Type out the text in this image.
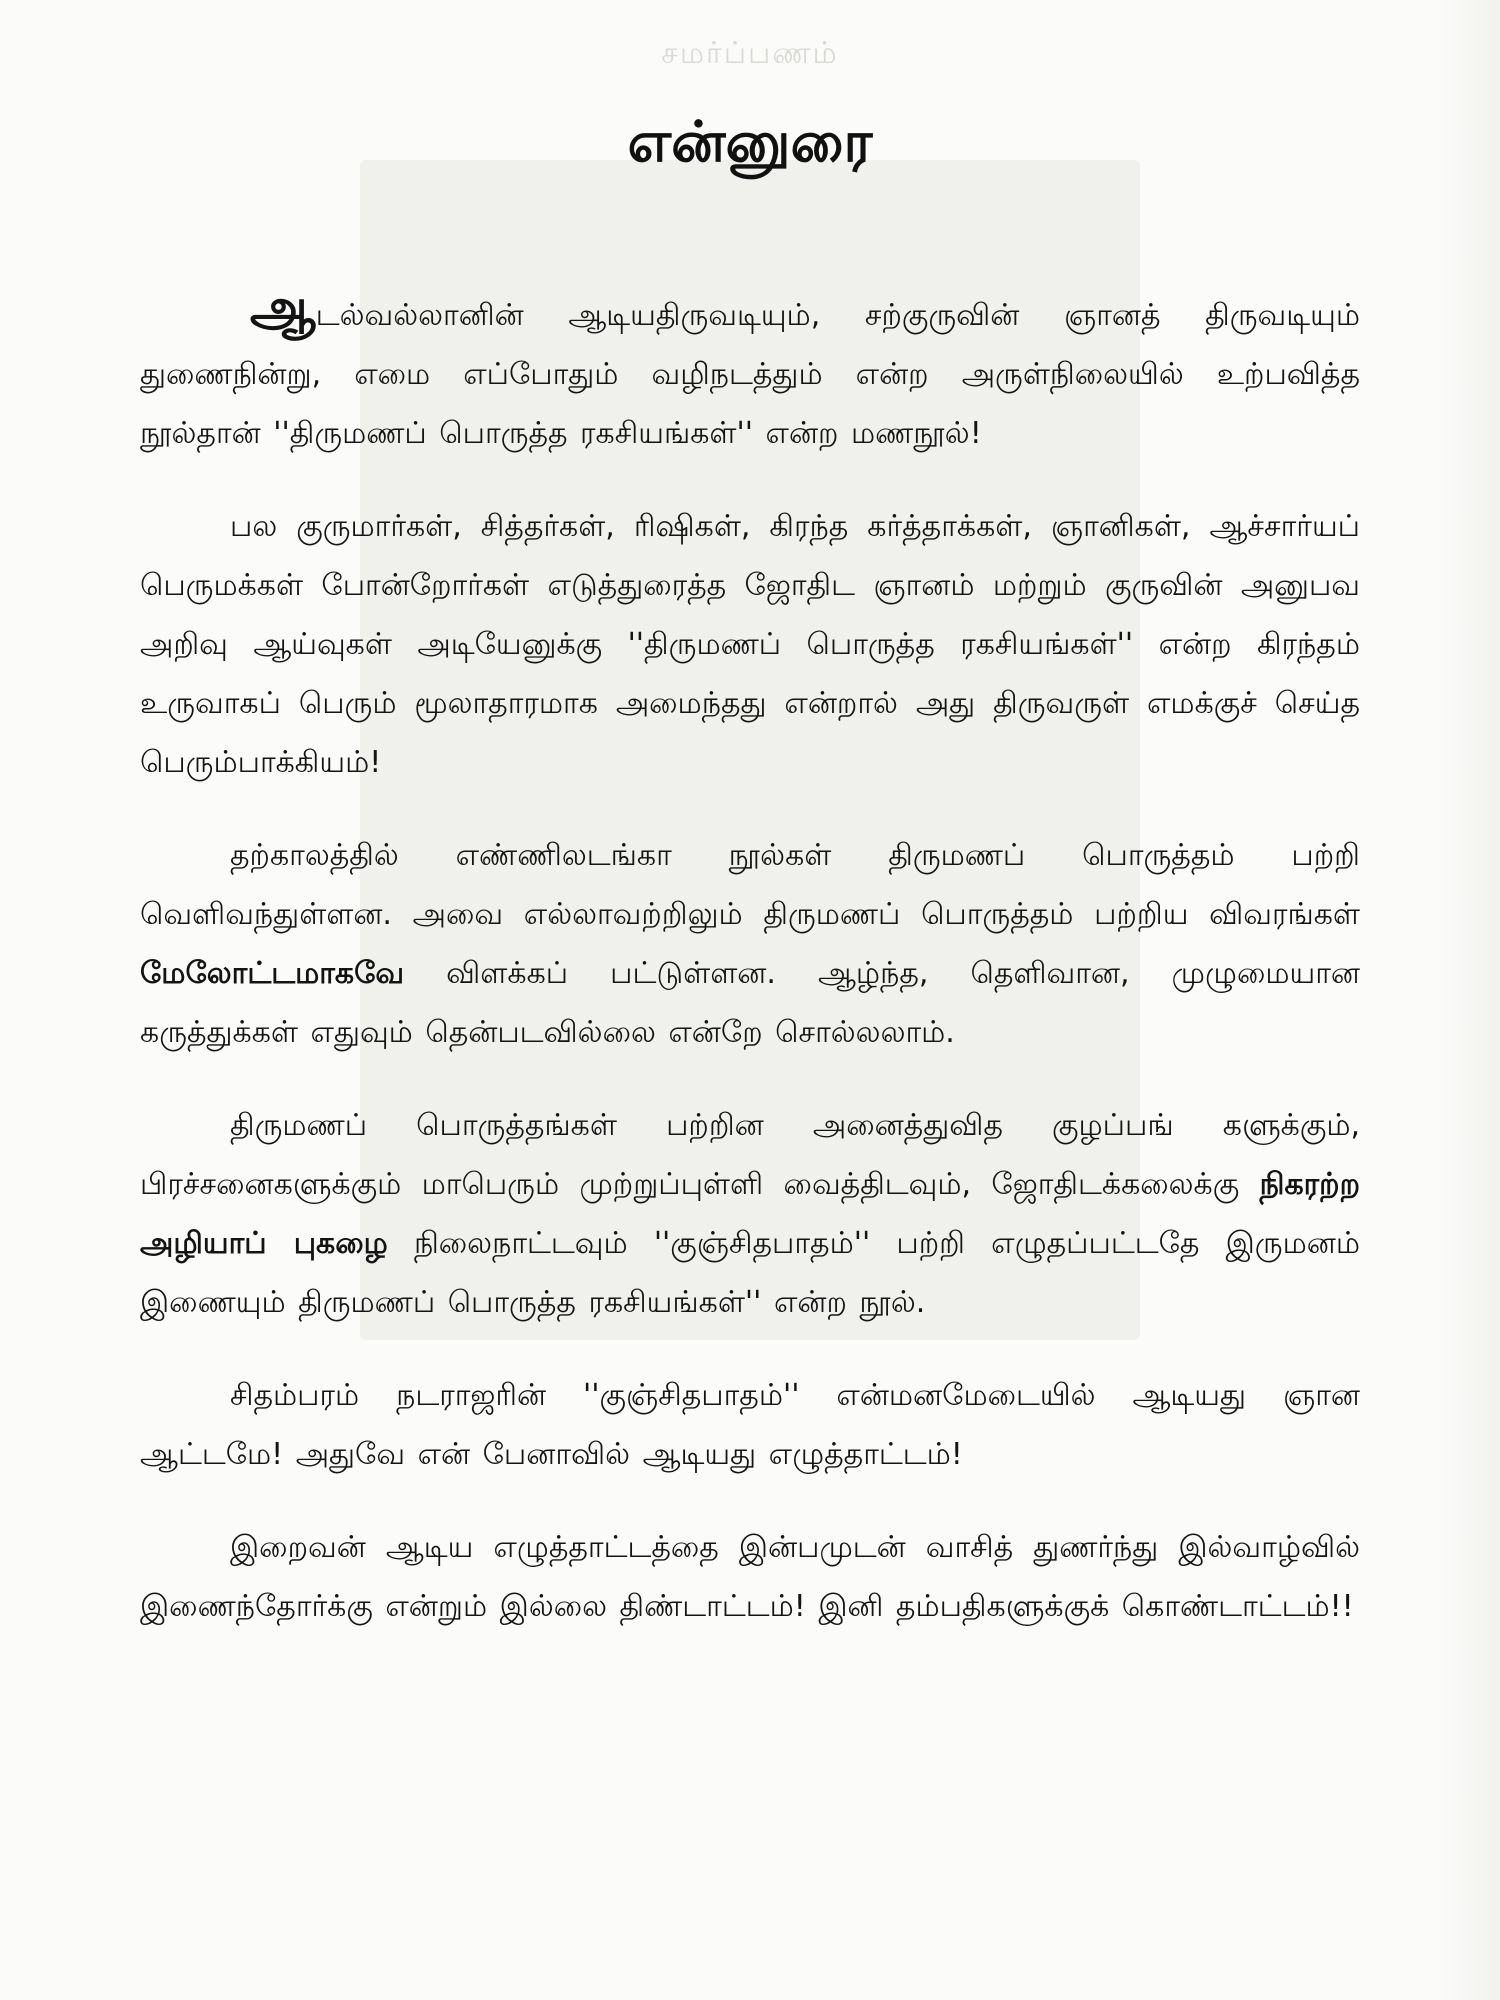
சமர்ப்பணம்
என்னுரை

ஆடல்வல்லானின் ஆடியதிருவடியும், சற்குருவின் ஞானத் திருவடியும் துணைநின்று, எமை எப்போதும் வழிநடத்தும் என்ற அருள்நிலையில் உற்பவித்த நூல்தான் ''திருமணப் பொருத்த ரகசியங்கள்'' என்ற மணநூல்!

பல குருமார்கள், சித்தர்கள், ரிஷிகள், கிரந்த கர்த்தாக்கள், ஞானிகள், ஆச்சார்யப் பெருமக்கள் போன்றோர்கள் எடுத்துரைத்த ஜோதிட ஞானம் மற்றும் குருவின் அனுபவ அறிவு ஆய்வுகள் அடியேனுக்கு ''திருமணப் பொருத்த ரகசியங்கள்'' என்ற கிரந்தம் உருவாகப் பெரும் மூலாதாரமாக அமைந்தது என்றால் அது திருவருள் எமக்குச் செய்த பெரும்பாக்கியம்!

தற்காலத்தில் எண்ணிலடங்கா நூல்கள் திருமணப் பொருத்தம் பற்றி வெளிவந்துள்ளன. அவை எல்லாவற்றிலும் திருமணப் பொருத்தம் பற்றிய விவரங்கள் மேலோட்டமாகவே விளக்கப் பட்டுள்ளன. ஆழ்ந்த, தெளிவான, முழுமையான கருத்துக்கள் எதுவும் தென்படவில்லை என்றே சொல்லலாம்.

திருமணப் பொருத்தங்கள் பற்றின அனைத்துவித குழப்பங் களுக்கும், பிரச்சனைகளுக்கும் மாபெரும் முற்றுப்புள்ளி வைத்திடவும், ஜோதிடக்கலைக்கு நிகரற்ற அழியாப் புகழை நிலைநாட்டவும் ''குஞ்சிதபாதம்'' பற்றி எழுதப்பட்டதே இருமனம் இணையும் திருமணப் பொருத்த ரகசியங்கள்'' என்ற நூல்.

சிதம்பரம் நடராஜரின் ''குஞ்சிதபாதம்'' என்மனமேடையில் ஆடியது ஞான ஆட்டமே! அதுவே என் பேனாவில் ஆடியது எழுத்தாட்டம்!

இறைவன் ஆடிய எழுத்தாட்டத்தை இன்பமுடன் வாசித் துணர்ந்து இல்வாழ்வில் இணைந்தோர்க்கு என்றும் இல்லை திண்டாட்டம்! இனி தம்பதிகளுக்குக் கொண்டாட்டம்!!
